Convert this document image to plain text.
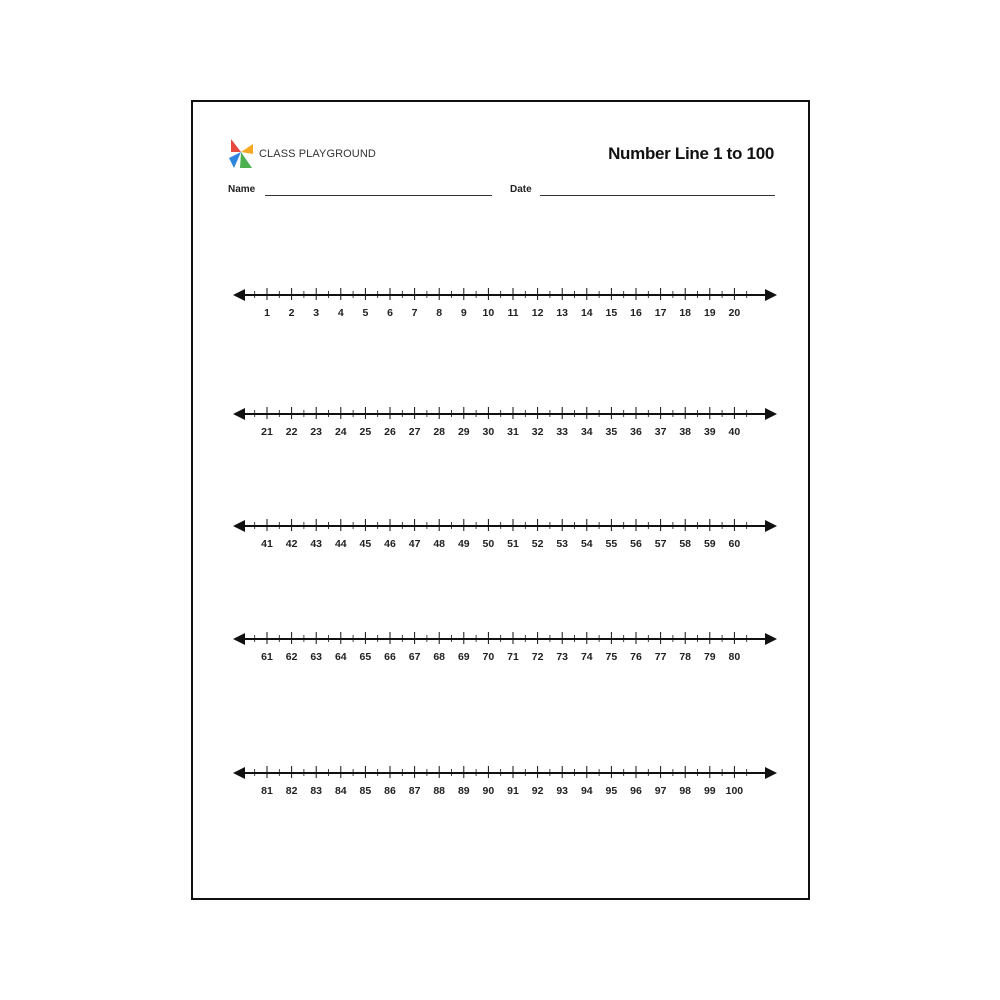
CLASS PLAYGROUND	Number Line 1 to 100
Name	Date
1 2 3 4 5 6 7 8 9 10 11 12 13 14 15 16 17 18 19 20
21 22 23 24 25 26 27 28 29 30 31 32 33 34 35 36 37 38 39 40
41 42 43 44 45 46 47 48 49 50 51 52 53 54 55 56 57 58 59 60
61 62 63 64 65 66 67 68 69 70 71 72 73 74 75 76 77 78 79 80
81 82 83 84 85 86 87 88 89 90 91 92 93 94 95 96 97 98 99 100
